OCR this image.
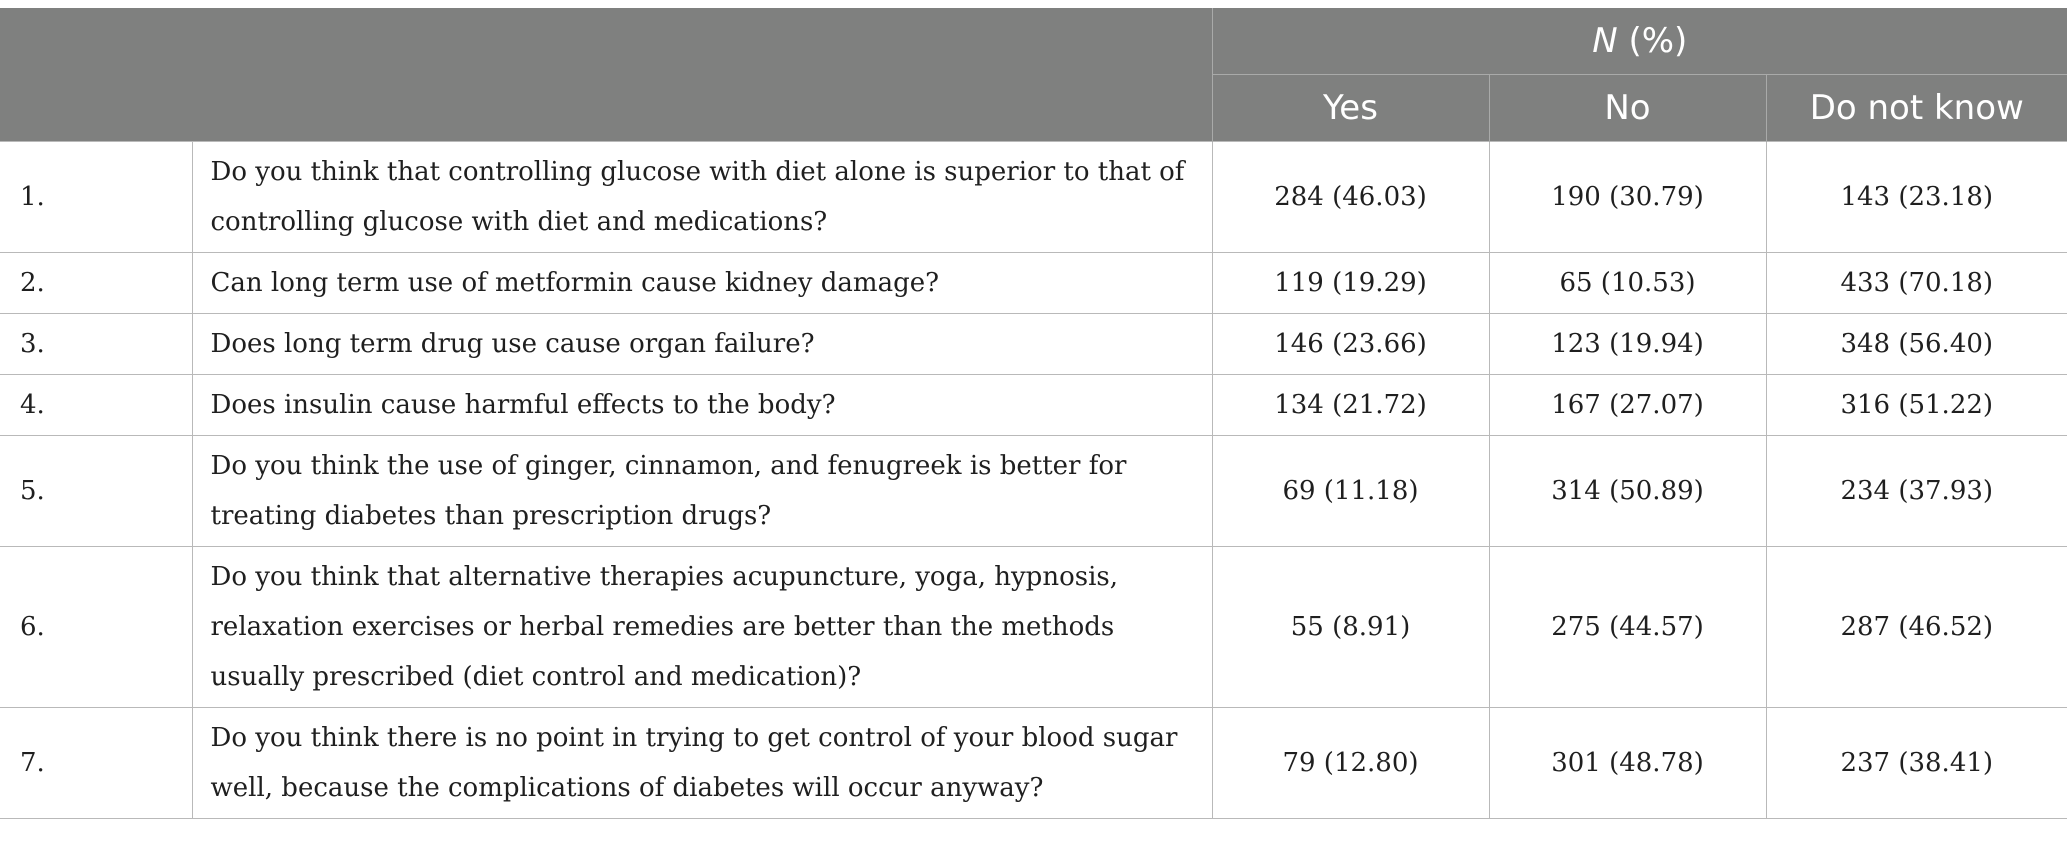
		N (%)		
		Yes	No	Do not know
1.	Do you think that controlling glucose with diet alone is superior to that of controlling glucose with diet and medications?	284 (46.03)	190 (30.79)	143 (23.18)
2.	Can long term use of metformin cause kidney damage?	119 (19.29)	65 (10.53)	433 (70.18)
3.	Does long term drug use cause organ failure?	146 (23.66)	123 (19.94)	348 (56.40)
4.	Does insulin cause harmful effects to the body?	134 (21.72)	167 (27.07)	316 (51.22)
5.	Do you think the use of ginger, cinnamon, and fenugreek is better for treating diabetes than prescription drugs?	69 (11.18)	314 (50.89)	234 (37.93)
6.	Do you think that alternative therapies acupuncture, yoga, hypnosis, relaxation exercises or herbal remedies are better than the methods usually prescribed (diet control and medication)?	55 (8.91)	275 (44.57)	287 (46.52)
7.	Do you think there is no point in trying to get control of your blood sugar well, because the complications of diabetes will occur anyway?	79 (12.80)	301 (48.78)	237 (38.41)
